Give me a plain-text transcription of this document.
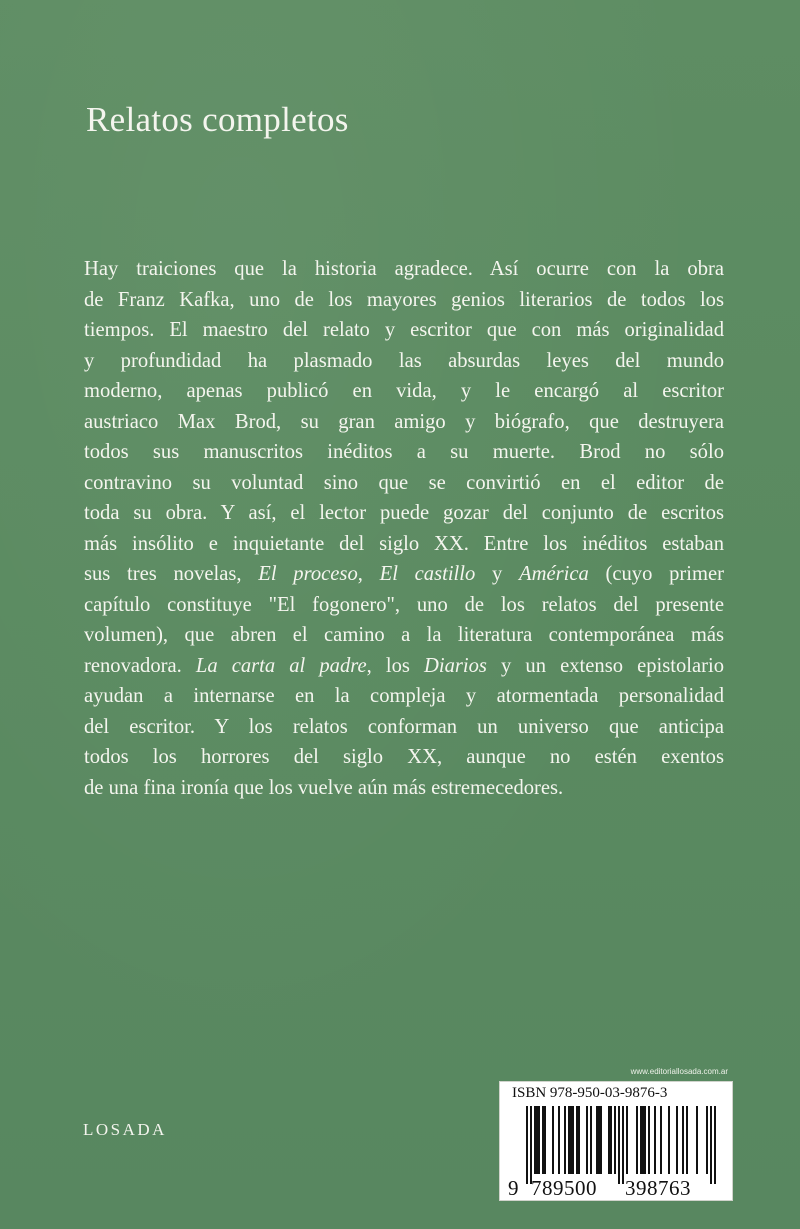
Relatos completos
Hay traiciones que la historia agradece. Así ocurre con la obra
de Franz Kafka, uno de los mayores genios literarios de todos los
tiempos. El maestro del relato y escritor que con más originalidad
y profundidad ha plasmado las absurdas leyes del mundo
moderno, apenas publicó en vida, y le encargó al escritor
austriaco Max Brod, su gran amigo y biógrafo, que destruyera
todos sus manuscritos inéditos a su muerte. Brod no sólo
contravino su voluntad sino que se convirtió en el editor de
toda su obra. Y así, el lector puede gozar del conjunto de escritos
más insólito e inquietante del siglo XX. Entre los inéditos estaban
sus tres novelas, El proceso, El castillo y América (cuyo primer
capítulo constituye "El fogonero", uno de los relatos del presente
volumen), que abren el camino a la literatura contemporánea más
renovadora. La carta al padre, los Diarios y un extenso epistolario
ayudan a internarse en la compleja y atormentada personalidad
del escritor. Y los relatos conforman un universo que anticipa
todos los horrores del siglo XX, aunque no estén exentos
de una fina ironía que los vuelve aún más estremecedores.
LOSADA
www.editoriallosada.com.ar
ISBN 978-950-03-9876-3
9 789500 398763
